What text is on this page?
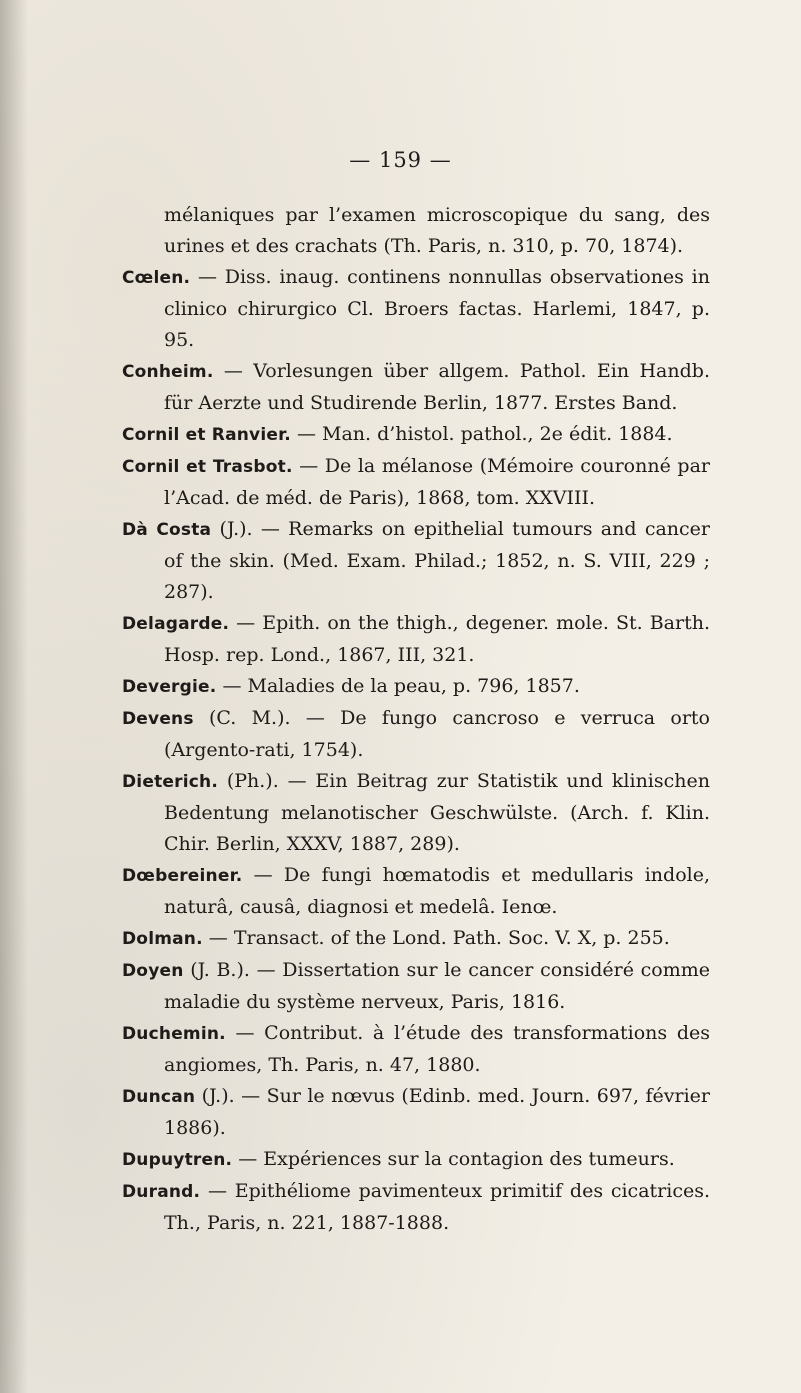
— 159 —

mélaniques par l’examen microscopique du sang, des urines et des crachats (Th. Paris, n. 310, p. 70, 1874).

Cœlen. — Diss. inaug. continens nonnullas observationes in clinico chirurgico Cl. Broers factas. Harlemi, 1847, p. 95.

Conheim. — Vorlesungen über allgem. Pathol. Ein Handb. für Aerzte und Studirende Berlin, 1877. Erstes Band.

Cornil et Ranvier. — Man. d’histol. pathol., 2e édit. 1884.

Cornil et Trasbot. — De la mélanose (Mémoire couronné par l’Acad. de méd. de Paris), 1868, tom. XXVIII.

Dà Costa (J.). — Remarks on epithelial tumours and cancer of the skin. (Med. Exam. Philad.; 1852, n. S. VIII, 229 ; 287).

Delagarde. — Epith. on the thigh., degener. mole. St. Barth. Hosp. rep. Lond., 1867, III, 321.

Devergie. — Maladies de la peau, p. 796, 1857.

Devens (C. M.). — De fungo cancroso e verruca orto (Argento-rati, 1754).

Dieterich. (Ph.). — Ein Beitrag zur Statistik und klinischen Bedentung melanotischer Geschwülste. (Arch. f. Klin. Chir. Berlin, XXXV, 1887, 289).

Dœbereiner. — De fungi hœmatodis et medullaris indole, naturâ, causâ, diagnosi et medelâ. Ienœ.

Dolman. — Transact. of the Lond. Path. Soc. V. X, p. 255.

Doyen (J. B.). — Dissertation sur le cancer considéré comme maladie du système nerveux, Paris, 1816.

Duchemin. — Contribut. à l’étude des transformations des angiomes, Th. Paris, n. 47, 1880.

Duncan (J.). — Sur le nœvus (Edinb. med. Journ. 697, février 1886).

Dupuytren. — Expériences sur la contagion des tumeurs.

Durand. — Epithéliome pavimenteux primitif des cicatrices. Th., Paris, n. 221, 1887-1888.
